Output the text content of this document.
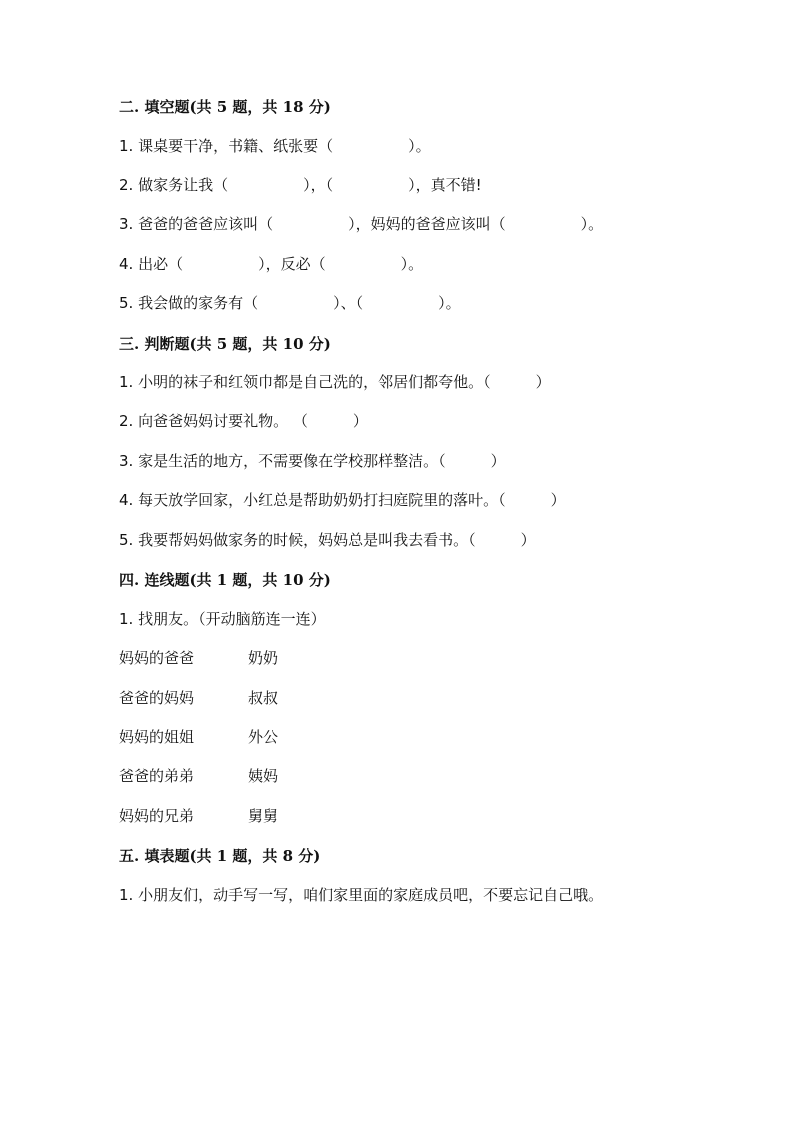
二. 填空题(共 5 题，共 18 分)
1. 课桌要干净，书籍、纸张要（　　　　　）。
2. 做家务让我（　　　　　），（　　　　　），真不错!
3. 爸爸的爸爸应该叫（　　　　　），妈妈的爸爸应该叫（　　　　　）。
4. 出必（　　　　　），反必（　　　　　）。
5. 我会做的家务有（　　　　　）、（　　　　　）。
三. 判断题(共 5 题，共 10 分)
1. 小明的袜子和红领巾都是自己洗的，邻居们都夸他。（　　　）
2. 向爸爸妈妈讨要礼物。 （　　　）
3. 家是生活的地方，不需要像在学校那样整洁。（　　　）
4. 每天放学回家，小红总是帮助奶奶打扫庭院里的落叶。（　　　）
5. 我要帮妈妈做家务的时候，妈妈总是叫我去看书。（　　　）
四. 连线题(共 1 题，共 10 分)
1. 找朋友。（开动脑筋连一连）
妈妈的爸爸	奶奶
爸爸的妈妈	叔叔
妈妈的姐姐	外公
爸爸的弟弟	姨妈
妈妈的兄弟	舅舅
五. 填表题(共 1 题，共 8 分)
1. 小朋友们，动手写一写，咱们家里面的家庭成员吧，不要忘记自己哦。
